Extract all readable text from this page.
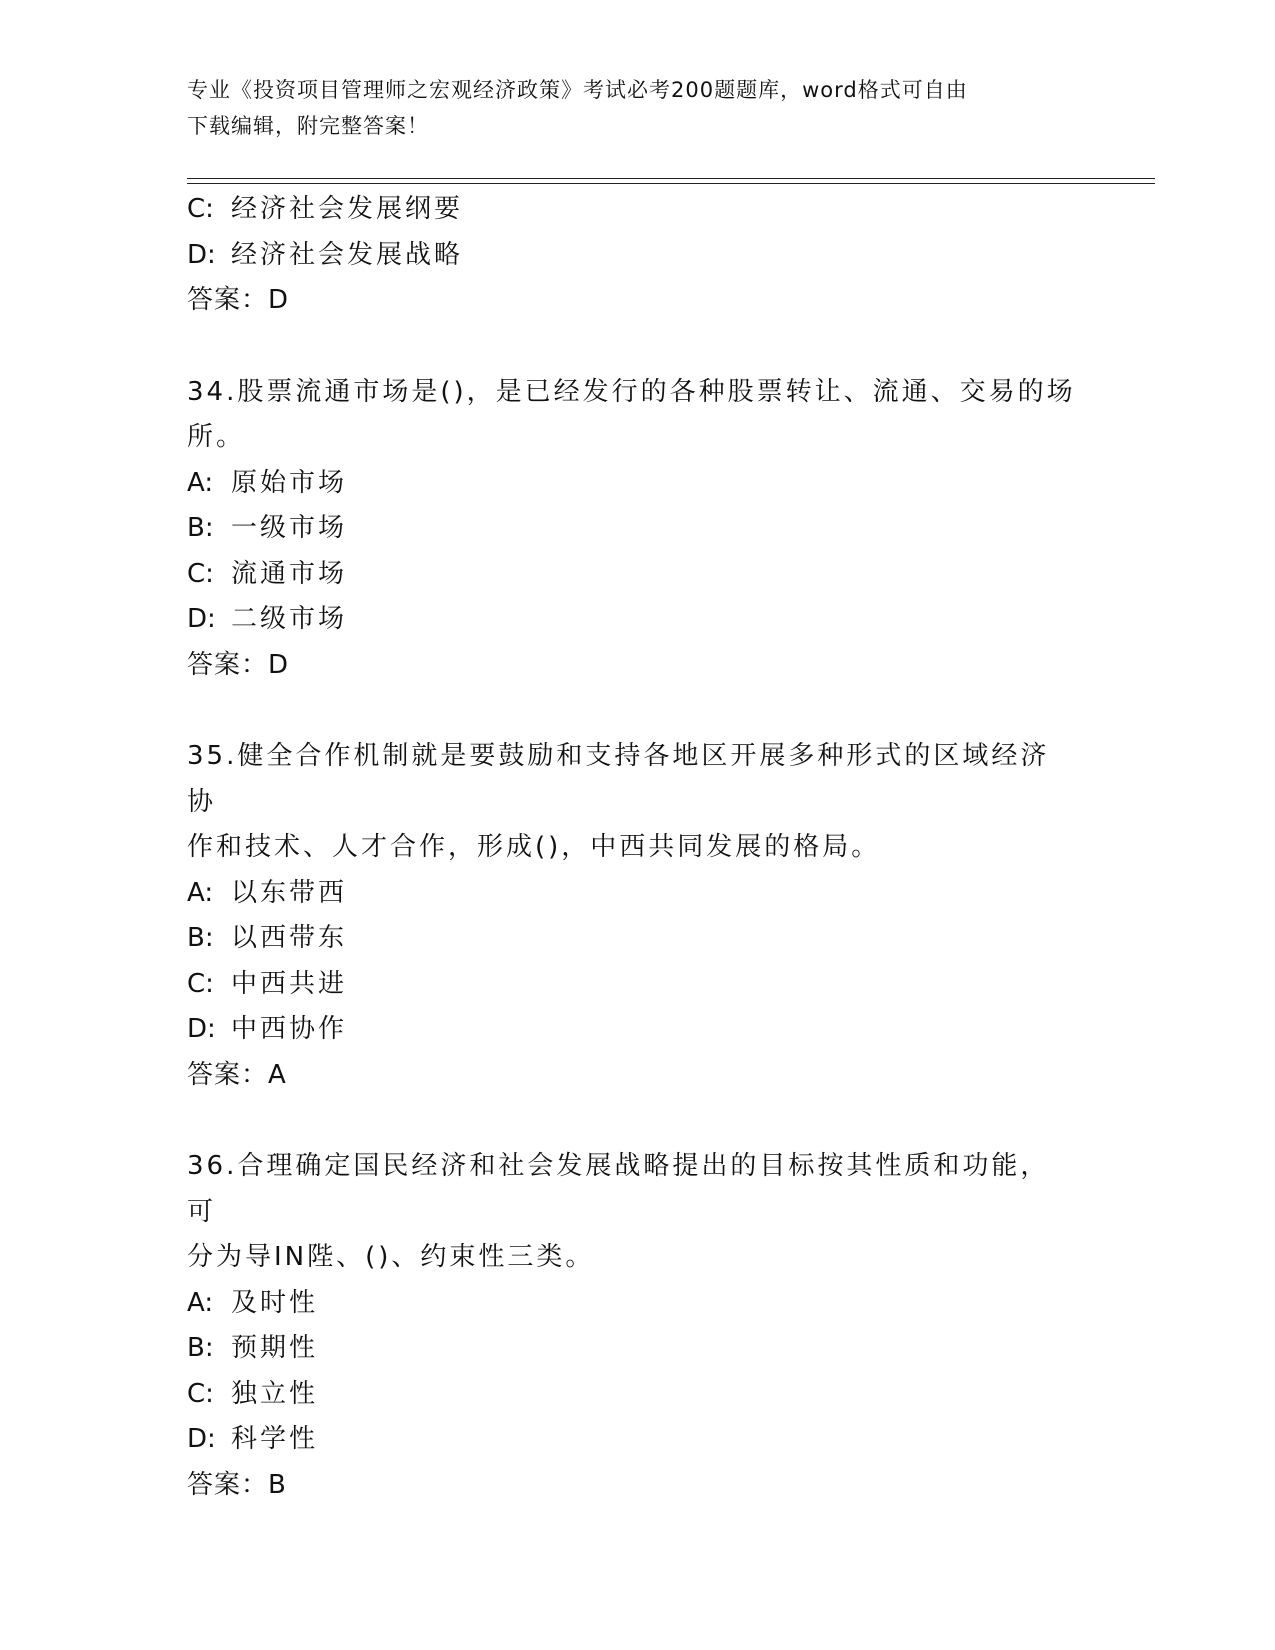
专业《投资项目管理师之宏观经济政策》考试必考200题题库，word格式可自由
下载编辑，附完整答案！
C: 经济社会发展纲要
D: 经济社会发展战略
答案：D
34.股票流通市场是()，是已经发行的各种股票转让、流通、交易的场
所。
A: 原始市场
B: 一级市场
C: 流通市场
D: 二级市场
答案：D
35.健全合作机制就是要鼓励和支持各地区开展多种形式的区域经济协
作和技术、人才合作，形成()，中西共同发展的格局。
A: 以东带西
B: 以西带东
C: 中西共进
D: 中西协作
答案：A
36.合理确定国民经济和社会发展战略提出的目标按其性质和功能，可
分为导IN陛、()、约束性三类。
A: 及时性
B: 预期性
C: 独立性
D: 科学性
答案：B
